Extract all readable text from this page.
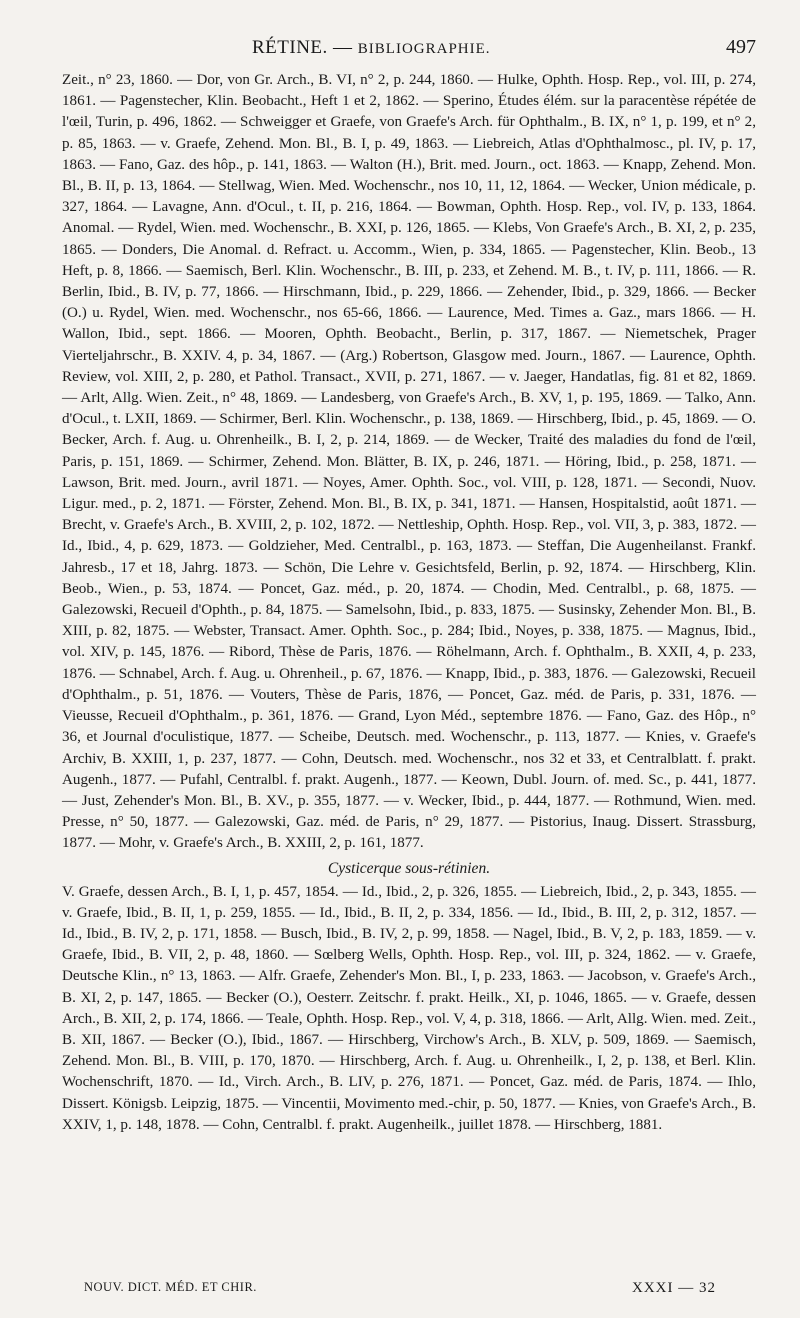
RÉTINE. — BIBLIOGRAPHIE.	497

Zeit., n° 23, 1860. — Dor, von Gr. Arch., B. VI, n° 2, p. 244, 1860. — Hulke, Ophth. Hosp. Rep., vol. III, p. 274, 1861. — Pagenstecher, Klin. Beobacht., Heft 1 et 2, 1862. — Sperino, Études élém. sur la paracentèse répétée de l'œil, Turin, p. 496, 1862. — Schweigger et Graefe, von Graefe's Arch. für Ophthalm., B. IX, n° 1, p. 199, et n° 2, p. 85, 1863. — v. Graefe, Zehend. Mon. Bl., B. I, p. 49, 1863. — Liebreich, Atlas d'Ophthalmosc., pl. IV, p. 17, 1863. — Fano, Gaz. des hôp., p. 141, 1863. — Walton (H.), Brit. med. Journ., oct. 1863. — Knapp, Zehend. Mon. Bl., B. II, p. 13, 1864. — Stellwag, Wien. Med. Wochenschr., nos 10, 11, 12, 1864. — Wecker, Union médicale, p. 327, 1864. — Lavagne, Ann. d'Ocul., t. II, p. 216, 1864. — Bowman, Ophth. Hosp. Rep., vol. IV, p. 133, 1864. Anomal. — Rydel, Wien. med. Wochenschr., B. XXI, p. 126, 1865. — Klebs, Von Graefe's Arch., B. XI, 2, p. 235, 1865. — Donders, Die Anomal. d. Refract. u. Accomm., Wien, p. 334, 1865. — Pagenstecher, Klin. Beob., 13 Heft, p. 8, 1866. — Saemisch, Berl. Klin. Wochenschr., B. III, p. 233, et Zehend. M. B., t. IV, p. 111, 1866. — R. Berlin, Ibid., B. IV, p. 77, 1866. — Hirschmann, Ibid., p. 229, 1866. — Zehender, Ibid., p. 329, 1866. — Becker (O.) u. Rydel, Wien. med. Wochenschr., nos 65-66, 1866. — Laurence, Med. Times a. Gaz., mars 1866. — H. Wallon, Ibid., sept. 1866. — Mooren, Ophth. Beobacht., Berlin, p. 317, 1867. — Niemetschek, Prager Vierteljahrschr., B. XXIV. 4, p. 34, 1867. — (Arg.) Robertson, Glasgow med. Journ., 1867. — Laurence, Ophth. Review, vol. XIII, 2, p. 280, et Pathol. Transact., XVII, p. 271, 1867. — v. Jaeger, Handatlas, fig. 81 et 82, 1869. — Arlt, Allg. Wien. Zeit., n° 48, 1869. — Landesberg, von Graefe's Arch., B. XV, 1, p. 195, 1869. — Talko, Ann. d'Ocul., t. LXII, 1869. — Schirmer, Berl. Klin. Wochenschr., p. 138, 1869. — Hirschberg, Ibid., p. 45, 1869. — O. Becker, Arch. f. Aug. u. Ohrenheilk., B. I, 2, p. 214, 1869. — de Wecker, Traité des maladies du fond de l'œil, Paris, p. 151, 1869. — Schirmer, Zehend. Mon. Blätter, B. IX, p. 246, 1871. — Höring, Ibid., p. 258, 1871. — Lawson, Brit. med. Journ., avril 1871. — Noyes, Amer. Ophth. Soc., vol. VIII, p. 128, 1871. — Secondi, Nuov. Ligur. med., p. 2, 1871. — Förster, Zehend. Mon. Bl., B. IX, p. 341, 1871. — Hansen, Hospitalstid, août 1871. — Brecht, v. Graefe's Arch., B. XVIII, 2, p. 102, 1872. — Nettleship, Ophth. Hosp. Rep., vol. VII, 3, p. 383, 1872. — Id., Ibid., 4, p. 629, 1873. — Goldzieher, Med. Centralbl., p. 163, 1873. — Steffan, Die Augenheilanst. Frankf. Jahresb., 17 et 18, Jahrg. 1873. — Schön, Die Lehre v. Gesichtsfeld, Berlin, p. 92, 1874. — Hirschberg, Klin. Beob., Wien., p. 53, 1874. — Poncet, Gaz. méd., p. 20, 1874. — Chodin, Med. Centralbl., p. 68, 1875. — Galezowski, Recueil d'Ophth., p. 84, 1875. — Samelsohn, Ibid., p. 833, 1875. — Susinsky, Zehender Mon. Bl., B. XIII, p. 82, 1875. — Webster, Transact. Amer. Ophth. Soc., p. 284; Ibid., Noyes, p. 338, 1875. — Magnus, Ibid., vol. XIV, p. 145, 1876. — Ribord, Thèse de Paris, 1876. — Röhelmann, Arch. f. Ophthalm., B. XXII, 4, p. 233, 1876. — Schnabel, Arch. f. Aug. u. Ohrenheil., p. 67, 1876. — Knapp, Ibid., p. 383, 1876. — Galezowski, Recueil d'Ophthalm., p. 51, 1876. — Vouters, Thèse de Paris, 1876, — Poncet, Gaz. méd. de Paris, p. 331, 1876. — Vieusse, Recueil d'Ophthalm., p. 361, 1876. — Grand, Lyon Méd., septembre 1876. — Fano, Gaz. des Hôp., n° 36, et Journal d'oculistique, 1877. — Scheibe, Deutsch. med. Wochenschr., p. 113, 1877. — Knies, v. Graefe's Archiv, B. XXIII, 1, p. 237, 1877. — Cohn, Deutsch. med. Wochenschr., nos 32 et 33, et Centralblatt. f. prakt. Augenh., 1877. — Pufahl, Centralbl. f. prakt. Augenh., 1877. — Keown, Dubl. Journ. of. med. Sc., p. 441, 1877. — Just, Zehender's Mon. Bl., B. XV., p. 355, 1877. — v. Wecker, Ibid., p. 444, 1877. — Rothmund, Wien. med. Presse, n° 50, 1877. — Galezowski, Gaz. méd. de Paris, n° 29, 1877. — Pistorius, Inaug. Dissert. Strassburg, 1877. — Mohr, v. Graefe's Arch., B. XXIII, 2, p. 161, 1877.

Cysticerque sous-rétinien.

V. Graefe, dessen Arch., B. I, 1, p. 457, 1854. — Id., Ibid., 2, p. 326, 1855. — Liebreich, Ibid., 2, p. 343, 1855. — v. Graefe, Ibid., B. II, 1, p. 259, 1855. — Id., Ibid., B. II, 2, p. 334, 1856. — Id., Ibid., B. III, 2, p. 312, 1857. — Id., Ibid., B. IV, 2, p. 171, 1858. — Busch, Ibid., B. IV, 2, p. 99, 1858. — Nagel, Ibid., B. V, 2, p. 183, 1859. — v. Graefe, Ibid., B. VII, 2, p. 48, 1860. — Sœlberg Wells, Ophth. Hosp. Rep., vol. III, p. 324, 1862. — v. Graefe, Deutsche Klin., n° 13, 1863. — Alfr. Graefe, Zehender's Mon. Bl., I, p. 233, 1863. — Jacobson, v. Graefe's Arch., B. XI, 2, p. 147, 1865. — Becker (O.), Oesterr. Zeitschr. f. prakt. Heilk., XI, p. 1046, 1865. — v. Graefe, dessen Arch., B. XII, 2, p. 174, 1866. — Teale, Ophth. Hosp. Rep., vol. V, 4, p. 318, 1866. — Arlt, Allg. Wien. med. Zeit., B. XII, 1867. — Becker (O.), Ibid., 1867. — Hirschberg, Virchow's Arch., B. XLV, p. 509, 1869. — Saemisch, Zehend. Mon. Bl., B. VIII, p. 170, 1870. — Hirschberg, Arch. f. Aug. u. Ohrenheilk., I, 2, p. 138, et Berl. Klin. Wochenschrift, 1870. — Id., Virch. Arch., B. LIV, p. 276, 1871. — Poncet, Gaz. méd. de Paris, 1874. — Ihlo, Dissert. Königsb. Leipzig, 1875. — Vincentii, Movimento med.-chir, p. 50, 1877. — Knies, von Graefe's Arch., B. XXIV, 1, p. 148, 1878. — Cohn, Centralbl. f. prakt. Augenheilk., juillet 1878. — Hirschberg, 1881.

NOUV. DICT. MÉD. ET CHIR.	XXXI — 32
